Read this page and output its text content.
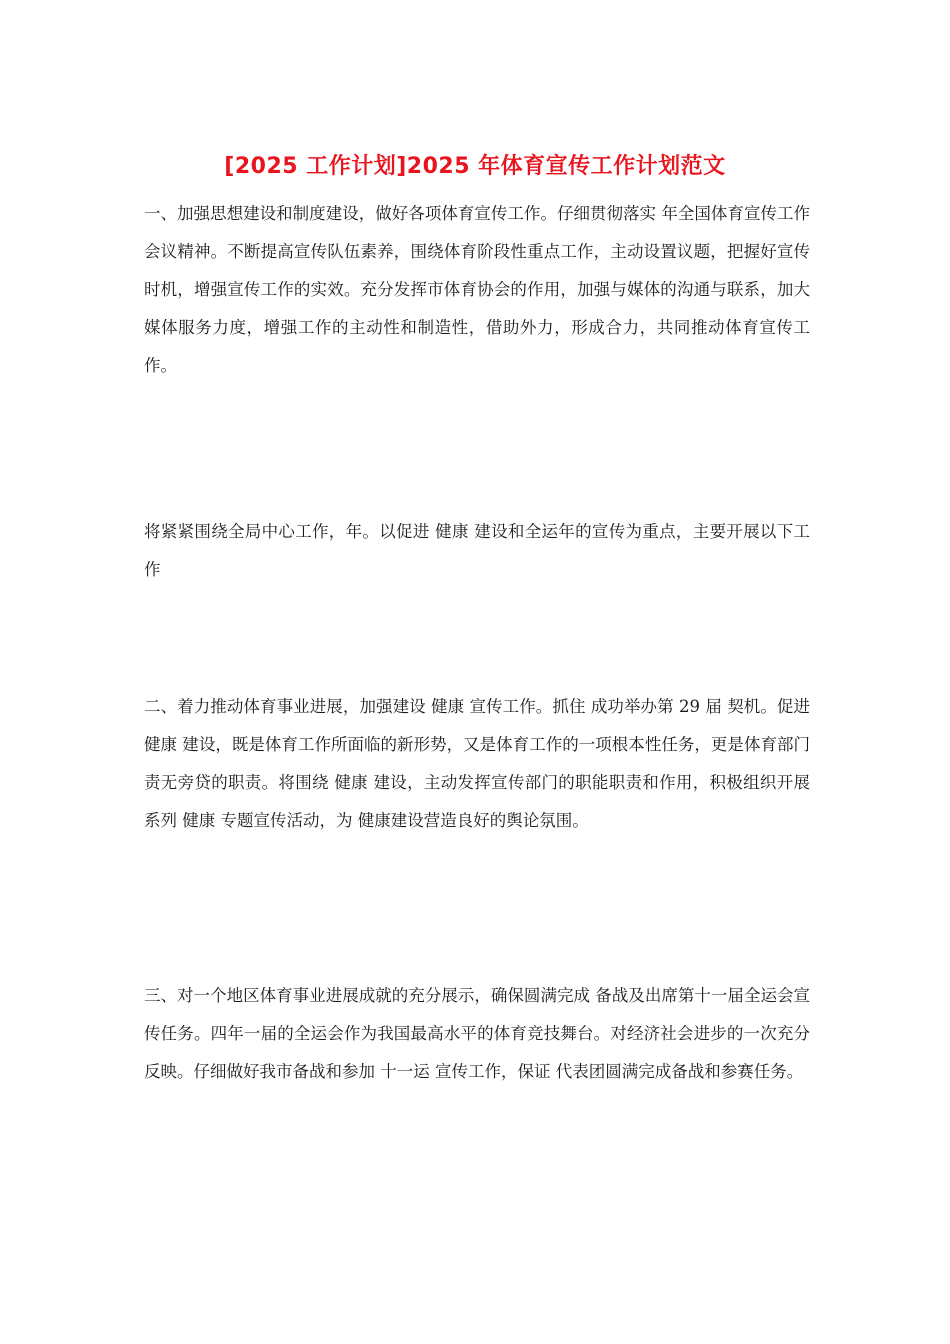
[2025 工作计划]2025 年体育宣传工作计划范文

一、加强思想建设和制度建设，做好各项体育宣传工作。仔细贯彻落实 年全国体育宣传工作会议精神。不断提高宣传队伍素养，围绕体育阶段性重点工作，主动设置议题，把握好宣传时机，增强宣传工作的实效。充分发挥市体育协会的作用，加强与媒体的沟通与联系，加大媒体服务力度，增强工作的主动性和制造性，借助外力，形成合力，共同推动体育宣传工作。

将紧紧围绕全局中心工作，年。以促进 健康 建设和全运年的宣传为重点，主要开展以下工作

二、着力推动体育事业进展，加强建设 健康 宣传工作。抓住 成功举办第 29 届 契机。促进 健康 建设，既是体育工作所面临的新形势，又是体育工作的一项根本性任务，更是体育部门责无旁贷的职责。将围绕 健康 建设，主动发挥宣传部门的职能职责和作用，积极组织开展系列 健康 专题宣传活动，为 健康建设营造良好的舆论氛围。

三、对一个地区体育事业进展成就的充分展示，确保圆满完成 备战及出席第十一届全运会宣传任务。四年一届的全运会作为我国最高水平的体育竞技舞台。对经济社会进步的一次充分反映。仔细做好我市备战和参加 十一运 宣传工作，保证 代表团圆满完成备战和参赛任务。
